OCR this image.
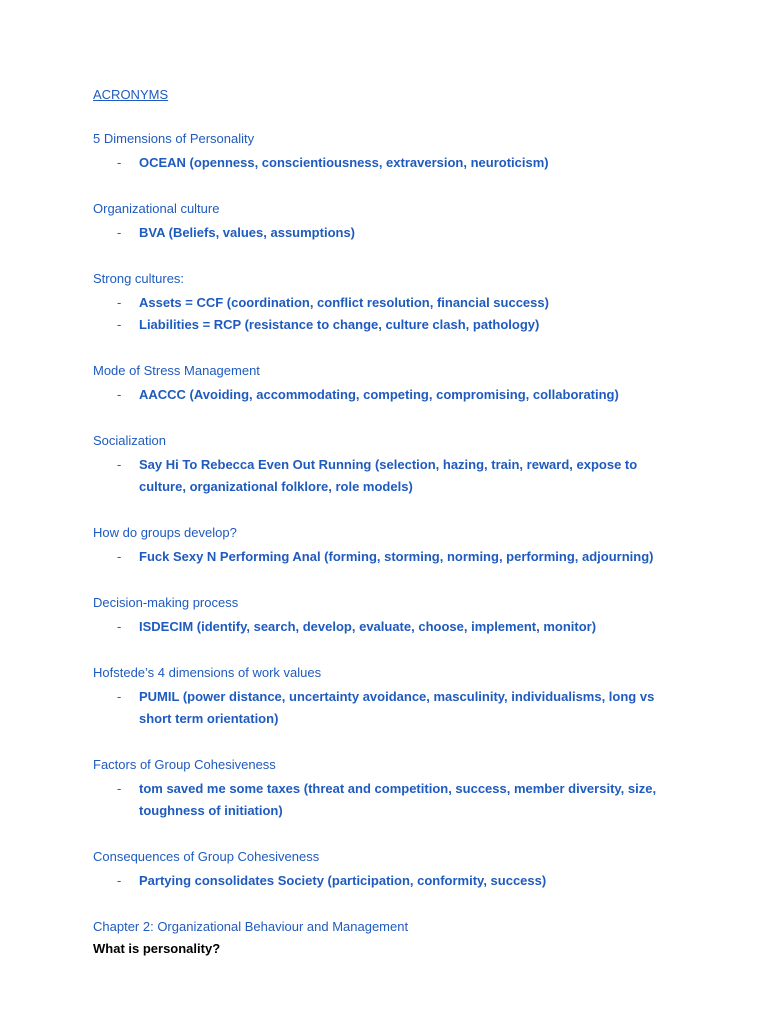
ACRONYMS
5 Dimensions of Personality
-	OCEAN (openness, conscientiousness, extraversion, neuroticism)
Organizational culture
-	BVA (Beliefs, values, assumptions)
Strong cultures:
-	Assets = CCF (coordination, conflict resolution, financial success)
-	Liabilities = RCP (resistance to change, culture clash, pathology)
Mode of Stress Management
-	AACCC (Avoiding, accommodating, competing, compromising, collaborating)
Socialization
-	Say Hi To Rebecca Even Out Running (selection, hazing, train, reward, expose to culture, organizational folklore, role models)
How do groups develop?
-	Fuck Sexy N Performing Anal (forming, storming, norming, performing, adjourning)
Decision-making process
-	ISDECIM (identify, search, develop, evaluate, choose, implement, monitor)
Hofstede’s 4 dimensions of work values
-	PUMIL (power distance, uncertainty avoidance, masculinity, individualisms, long vs short term orientation)
Factors of Group Cohesiveness
-	tom saved me some taxes (threat and competition, success, member diversity, size, toughness of initiation)
Consequences of Group Cohesiveness
-	Partying consolidates Society (participation, conformity, success)
Chapter 2: Organizational Behaviour and Management
What is personality?
